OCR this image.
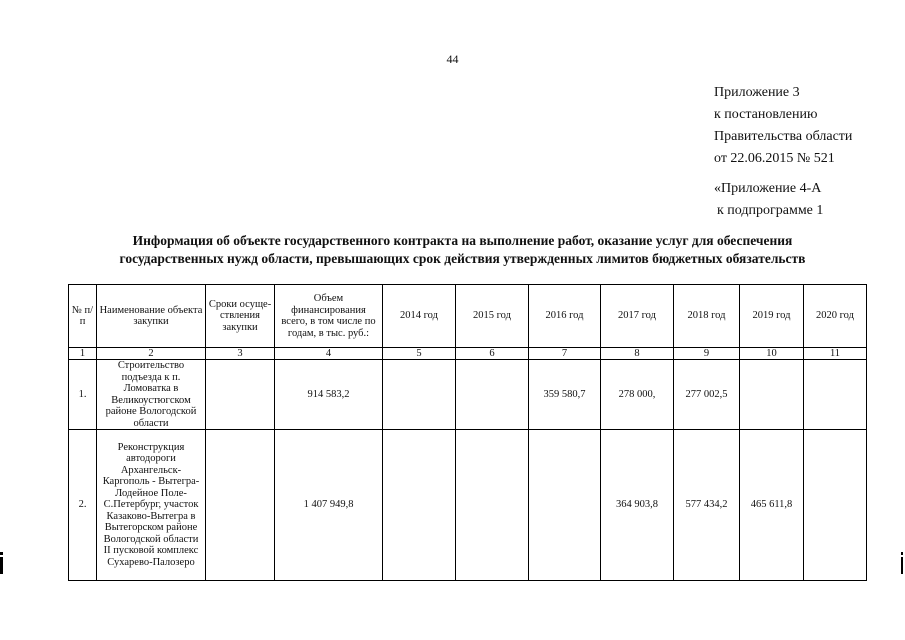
44
Приложение 3
к постановлению
Правительства области
от 22.06.2015 № 521
«Приложение 4-А
к подпрограмме 1
Информация об объекте государственного контракта на выполнение работ, оказание услуг для обеспечения
государственных нужд области, превышающих срок действия утвержденных лимитов бюджетных обязательств
№ п/п	Наименование объекта закупки	Сроки осуще-ствления закупки	Объем финансирования всего, в том числе по годам, в тыс. руб.:	2014 год	2015 год	2016 год	2017 год	2018 год	2019 год	2020 год
1	2	3	4	5	6	7	8	9	10	11
1.	Строительство подъезда к п. Ломоватка в Великоустюгском районе Вологодской области		914 583,2			359 580,7	278 000,	277 002,5		
2.	Реконструкция автодороги Архангельск-Каргополь - Вытегра-Лодейное Поле-С.Петербург, участок Казаково-Вытегра в Вытегорском районе Вологодской области II пусковой комплекс Сухарево-Палозеро		1 407 949,8				364 903,8	577 434,2	465 611,8	
